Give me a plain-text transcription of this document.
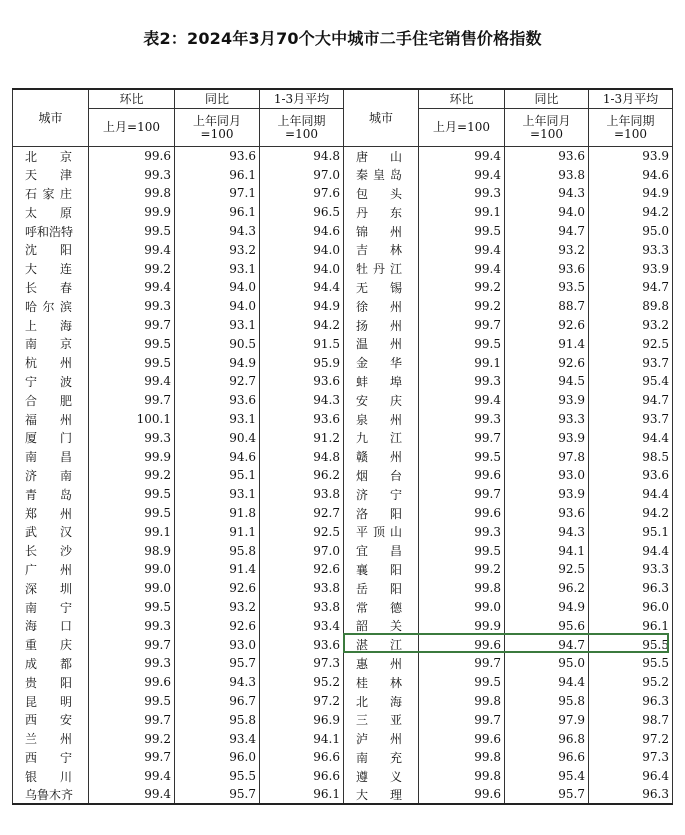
表2：2024年3月70个大中城市二手住宅销售价格指数
城市	环比	同比	1-3月平均	城市	环比	同比	1-3月平均
	上月=100	上年同月=100	上年同期=100		上月=100	上年同月=100	上年同期=100
北京	99.6	93.6	94.8	唐山	99.4	93.6	93.9
天津	99.3	96.1	97.0	秦皇岛	99.4	93.8	94.6
石家庄	99.8	97.1	97.6	包头	99.3	94.3	94.9
太原	99.9	96.1	96.5	丹东	99.1	94.0	94.2
呼和浩特	99.5	94.3	94.6	锦州	99.5	94.7	95.0
沈阳	99.4	93.2	94.0	吉林	99.4	93.2	93.3
大连	99.2	93.1	94.0	牡丹江	99.4	93.6	93.9
长春	99.4	94.0	94.4	无锡	99.2	93.5	94.7
哈尔滨	99.3	94.0	94.9	徐州	99.2	88.7	89.8
上海	99.7	93.1	94.2	扬州	99.7	92.6	93.2
南京	99.5	90.5	91.5	温州	99.5	91.4	92.5
杭州	99.5	94.9	95.9	金华	99.1	92.6	93.7
宁波	99.4	92.7	93.6	蚌埠	99.3	94.5	95.4
合肥	99.7	93.6	94.3	安庆	99.4	93.9	94.7
福州	100.1	93.1	93.6	泉州	99.3	93.3	93.7
厦门	99.3	90.4	91.2	九江	99.7	93.9	94.4
南昌	99.9	94.6	94.8	赣州	99.5	97.8	98.5
济南	99.2	95.1	96.2	烟台	99.6	93.0	93.6
青岛	99.5	93.1	93.8	济宁	99.7	93.9	94.4
郑州	99.5	91.8	92.7	洛阳	99.6	93.6	94.2
武汉	99.1	91.1	92.5	平顶山	99.3	94.3	95.1
长沙	98.9	95.8	97.0	宜昌	99.5	94.1	94.4
广州	99.0	91.4	92.6	襄阳	99.2	92.5	93.3
深圳	99.0	92.6	93.8	岳阳	99.8	96.2	96.3
南宁	99.5	93.2	93.8	常德	99.0	94.9	96.0
海口	99.3	92.6	93.4	韶关	99.9	95.6	96.1
重庆	99.7	93.0	93.6	湛江	99.6	94.7	95.5
成都	99.3	95.7	97.3	惠州	99.7	95.0	95.5
贵阳	99.6	94.3	95.2	桂林	99.5	94.4	95.2
昆明	99.5	96.7	97.2	北海	99.8	95.8	96.3
西安	99.7	95.8	96.9	三亚	99.7	97.9	98.7
兰州	99.2	93.4	94.1	泸州	99.6	96.8	97.2
西宁	99.7	96.0	96.6	南充	99.8	96.6	97.3
银川	99.4	95.5	96.6	遵义	99.8	95.4	96.4
乌鲁木齐	99.4	95.7	96.1	大理	99.6	95.7	96.3
